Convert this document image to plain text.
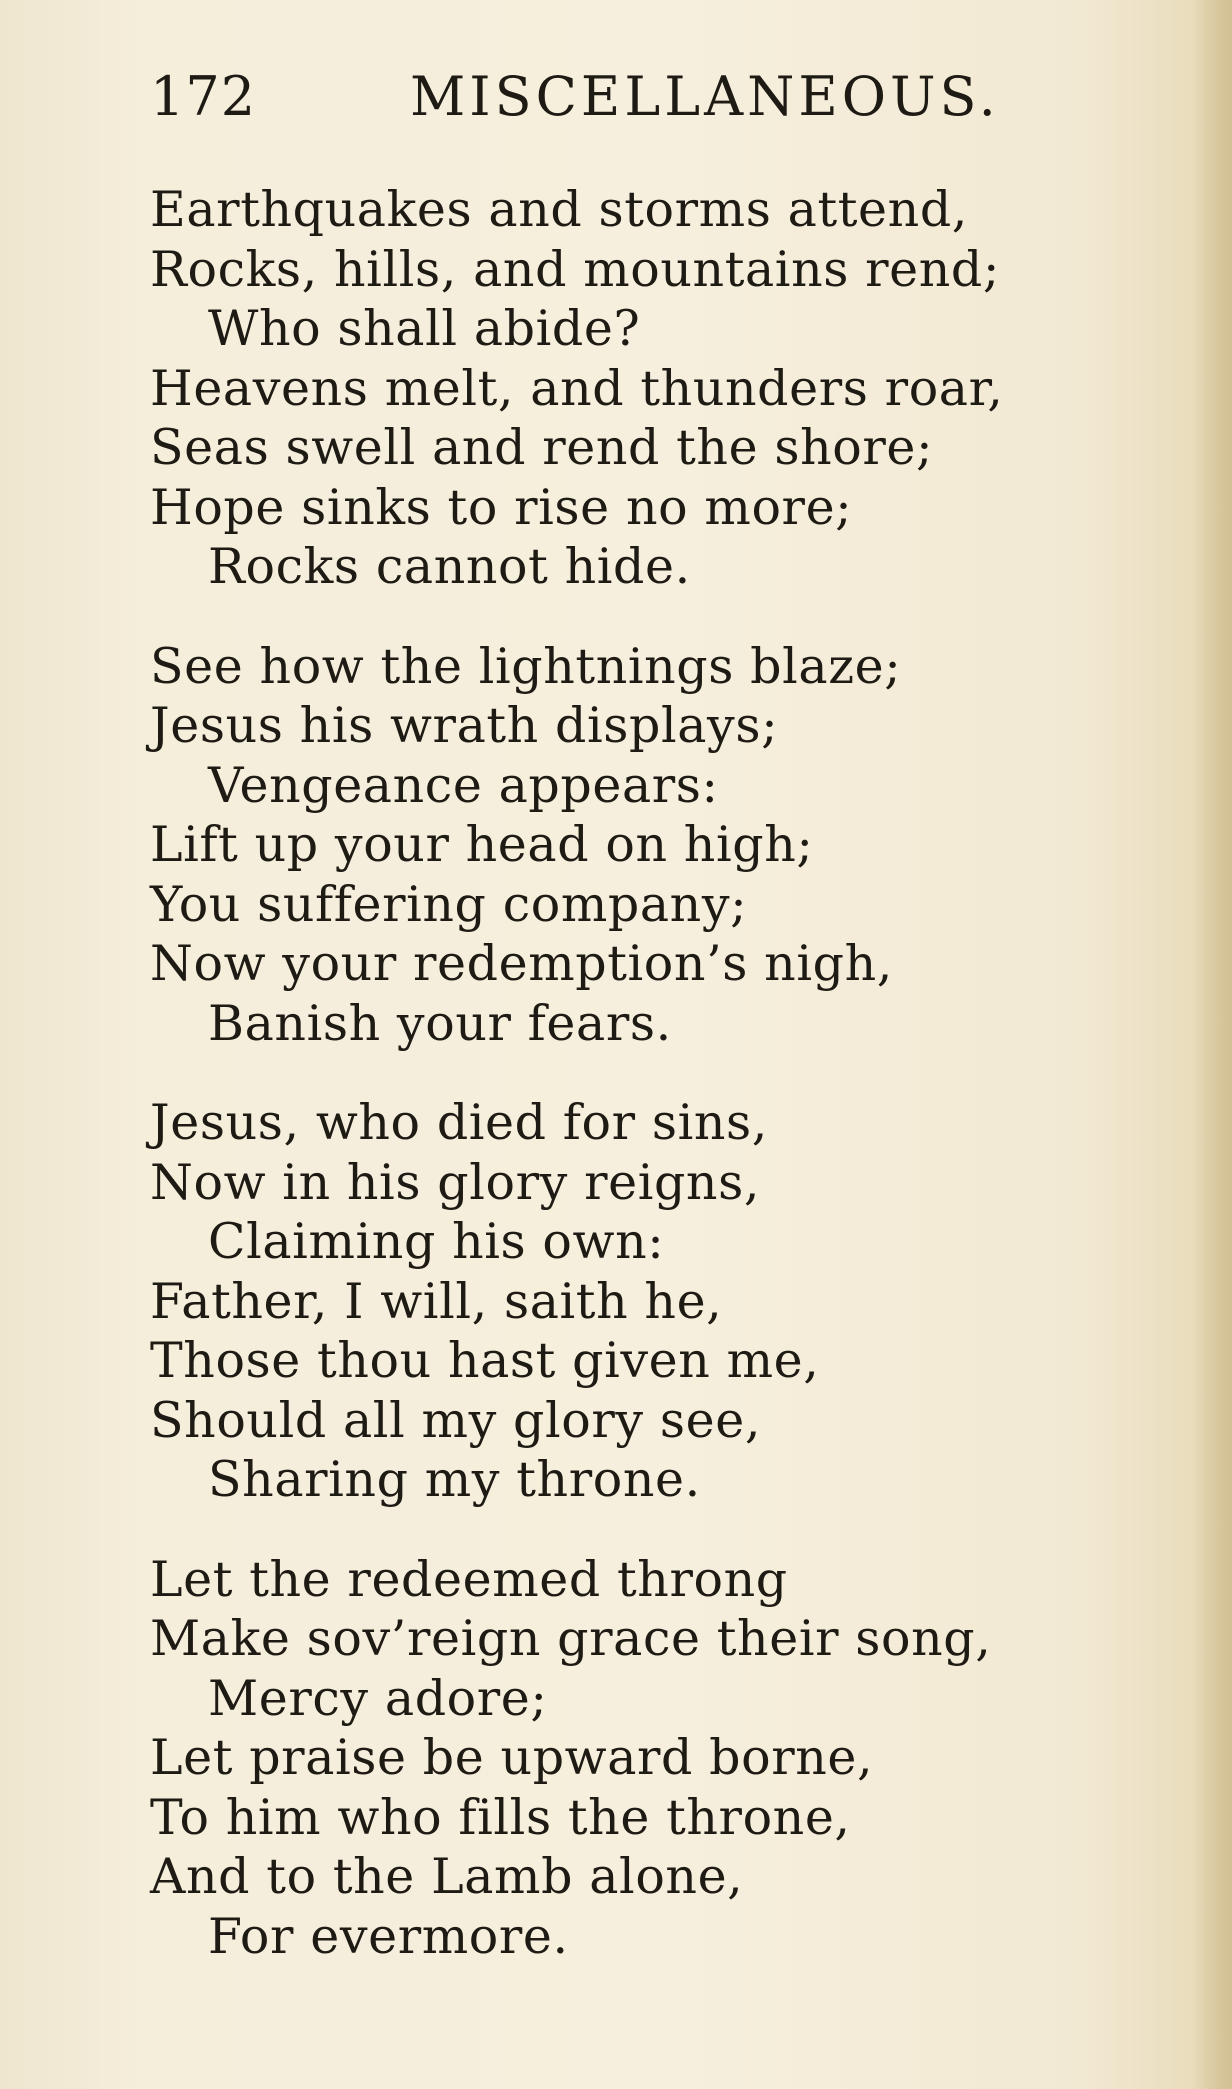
172	MISCELLANEOUS.
Earthquakes and storms attend,
Rocks, hills, and mountains rend;
Who shall abide?
Heavens melt, and thunders roar,
Seas swell and rend the shore;
Hope sinks to rise no more;
Rocks cannot hide.
See how the lightnings blaze;
Jesus his wrath displays;
Vengeance appears:
Lift up your head on high;
You suffering company;
Now your redemption’s nigh,
Banish your fears.
Jesus, who died for sins,
Now in his glory reigns,
Claiming his own:
Father, I will, saith he,
Those thou hast given me,
Should all my glory see,
Sharing my throne.
Let the redeemed throng
Make sov’reign grace their song,
Mercy adore;
Let praise be upward borne,
To him who fills the throne,
And to the Lamb alone,
For evermore.
